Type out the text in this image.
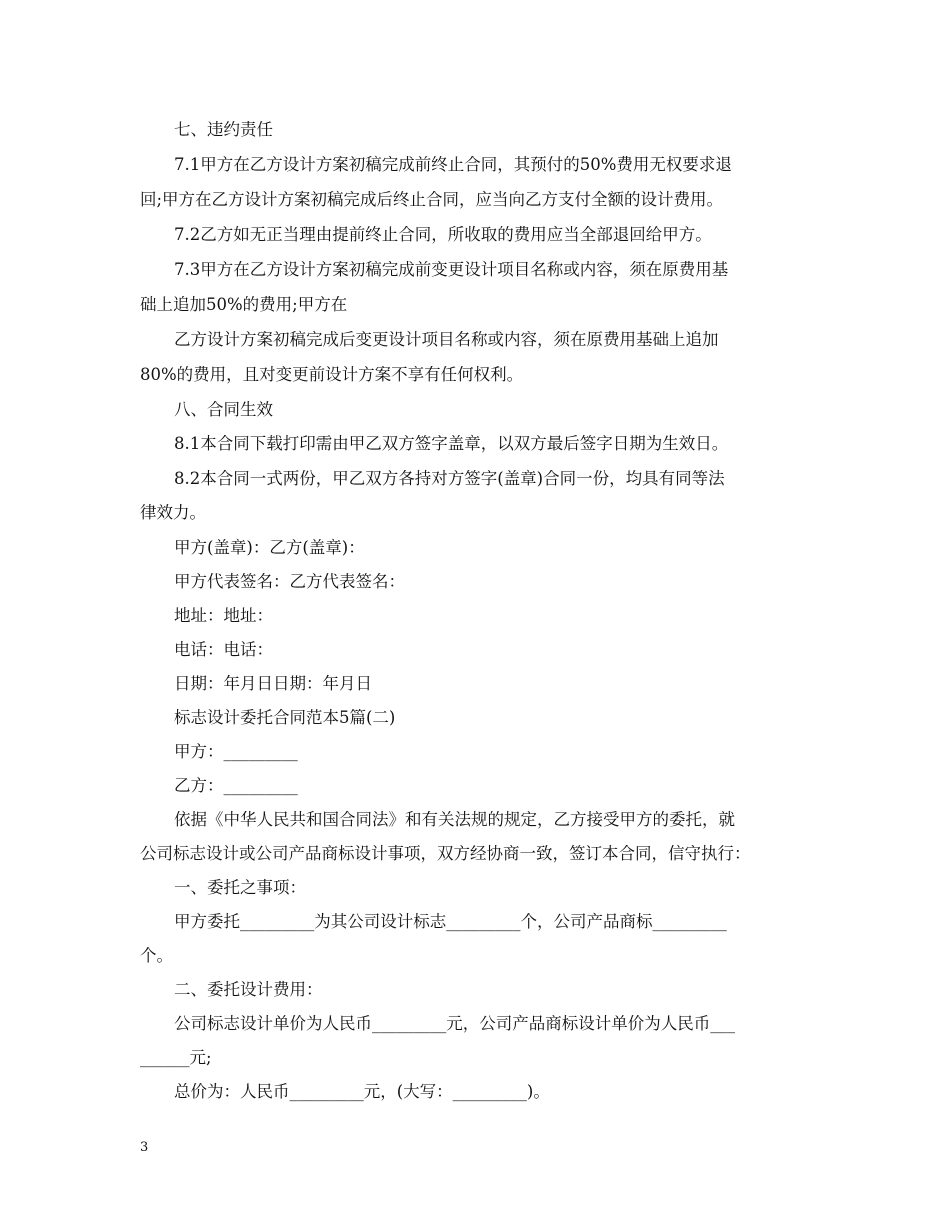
七、违约责任
7.1甲方在乙方设计方案初稿完成前终止合同，其预付的50%费用无权要求退
回;甲方在乙方设计方案初稿完成后终止合同，应当向乙方支付全额的设计费用。
7.2乙方如无正当理由提前终止合同，所收取的费用应当全部退回给甲方。
7.3甲方在乙方设计方案初稿完成前变更设计项目名称或内容，须在原费用基
础上追加50%的费用;甲方在
乙方设计方案初稿完成后变更设计项目名称或内容，须在原费用基础上追加
80%的费用，且对变更前设计方案不享有任何权利。
八、合同生效
8.1本合同下载打印需由甲乙双方签字盖章，以双方最后签字日期为生效日。
8.2本合同一式两份，甲乙双方各持对方签字(盖章)合同一份，均具有同等法
律效力。
甲方(盖章)：乙方(盖章)：
甲方代表签名：乙方代表签名：
地址：地址：
电话：电话：
日期：年月日日期：年月日
标志设计委托合同范本5篇(二)
甲方：_________
乙方：_________
依据《中华人民共和国合同法》和有关法规的规定，乙方接受甲方的委托，就
公司标志设计或公司产品商标设计事项，双方经协商一致，签订本合同，信守执行：
一、委托之事项：
甲方委托_________为其公司设计标志_________个，公司产品商标_________
个。
二、委托设计费用：
公司标志设计单价为人民币_________元，公司产品商标设计单价为人民币___
______元;
总价为：人民币_________元，(大写：_________)。
3
